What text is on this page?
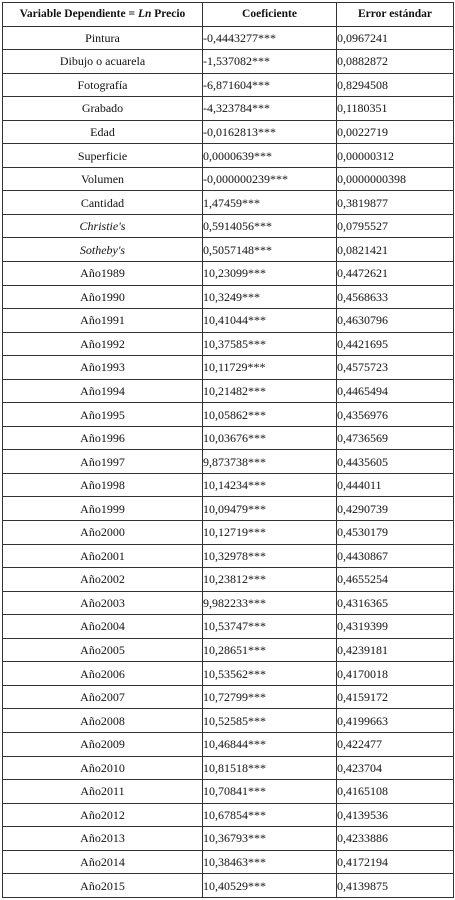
Variable Dependiente = Ln Precio	Coeficiente	Error estándar
Pintura	-0,4443277***	0,0967241
Dibujo o acuarela	-1,537082***	0,0882872
Fotografía	-6,871604***	0,8294508
Grabado	-4,323784***	0,1180351
Edad	-0,0162813***	0,0022719
Superficie	0,0000639***	0,00000312
Volumen	-0,000000239***	0,0000000398
Cantidad	1,47459***	0,3819877
Christie's	0,5914056***	0,0795527
Sotheby's	0,5057148***	0,0821421
Año1989	10,23099***	0,4472621
Año1990	10,3249***	0,4568633
Año1991	10,41044***	0,4630796
Año1992	10,37585***	0,4421695
Año1993	10,11729***	0,4575723
Año1994	10,21482***	0,4465494
Año1995	10,05862***	0,4356976
Año1996	10,03676***	0,4736569
Año1997	9,873738***	0,4435605
Año1998	10,14234***	0,444011
Año1999	10,09479***	0,4290739
Año2000	10,12719***	0,4530179
Año2001	10,32978***	0,4430867
Año2002	10,23812***	0,4655254
Año2003	9,982233***	0,4316365
Año2004	10,53747***	0,4319399
Año2005	10,28651***	0,4239181
Año2006	10,53562***	0,4170018
Año2007	10,72799***	0,4159172
Año2008	10,52585***	0,4199663
Año2009	10,46844***	0,422477
Año2010	10,81518***	0,423704
Año2011	10,70841***	0,4165108
Año2012	10,67854***	0,4139536
Año2013	10,36793***	0,4233886
Año2014	10,38463***	0,4172194
Año2015	10,40529***	0,4139875
